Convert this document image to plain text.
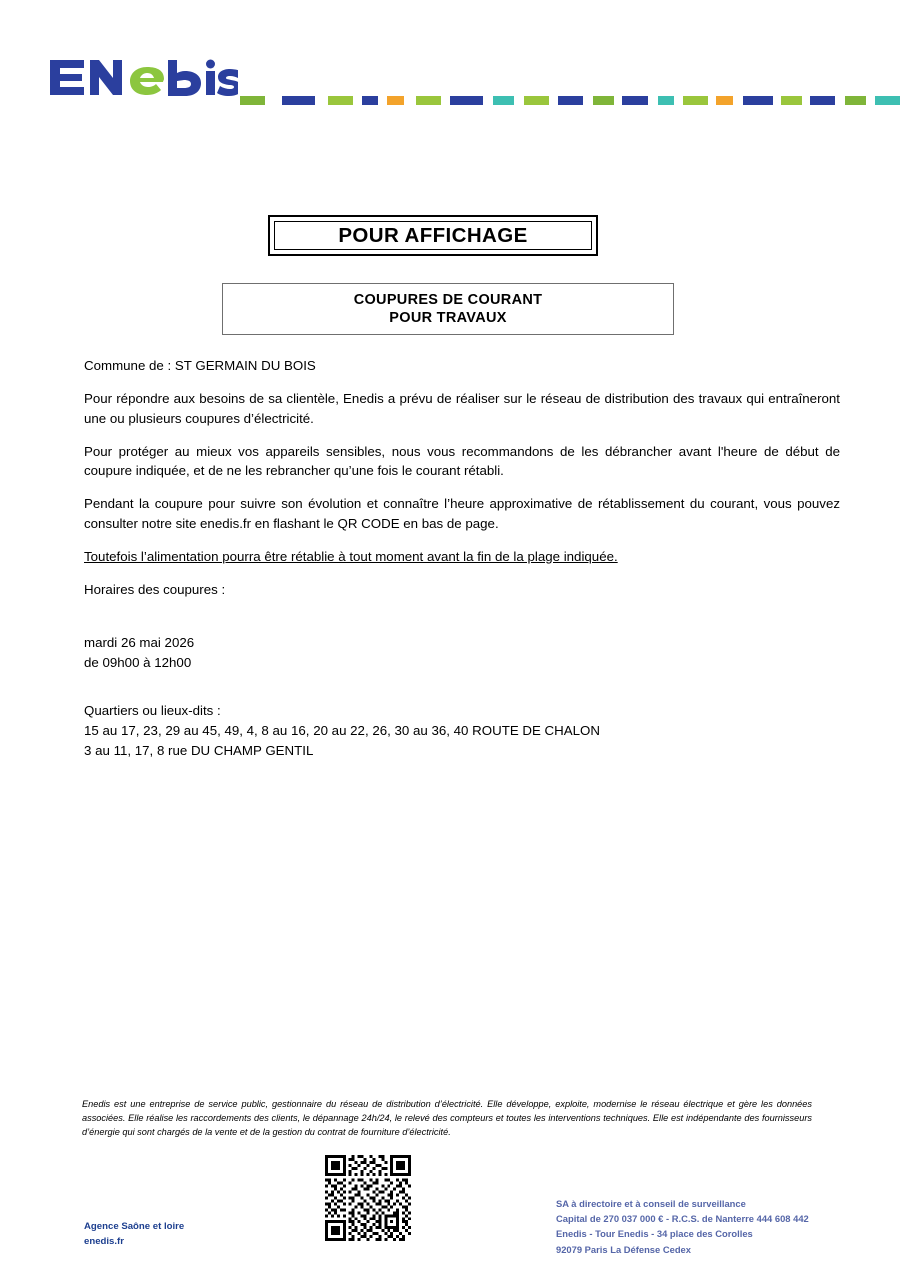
POUR AFFICHAGE
COUPURES DE COURANT
POUR TRAVAUX

Commune de : ST GERMAIN DU BOIS

Pour répondre aux besoins de sa clientèle, Enedis a prévu de réaliser sur le réseau de distribution des travaux qui entraîneront une ou plusieurs coupures d’électricité.

Pour protéger au mieux vos appareils sensibles, nous vous recommandons de les débrancher avant l'heure de début de coupure indiquée, et de ne les rebrancher qu’une fois le courant rétabli.

Pendant la coupure pour suivre son évolution et connaître l’heure approximative de rétablissement du courant, vous pouvez consulter notre site enedis.fr en flashant le QR CODE en bas de page.

Toutefois l’alimentation pourra être rétablie à tout moment avant la fin de la plage indiquée.

Horaires des coupures :

mardi 26 mai 2026
de 09h00 à 12h00
Quartiers ou lieux-dits :
15 au 17, 23, 29 au 45, 49, 4, 8 au 16, 20 au 22, 26, 30 au 36, 40 ROUTE DE CHALON
3 au 11, 17, 8 rue DU CHAMP GENTIL
Enedis est une entreprise de service public, gestionnaire du réseau de distribution d’électricité. Elle développe, exploite, modernise le réseau électrique et gère les données associées. Elle réalise les raccordements des clients, le dépannage 24h/24, le relevé des compteurs et toutes les interventions techniques. Elle est indépendante des fournisseurs d’énergie qui sont chargés de la vente et de la gestion du contrat de fourniture d’électricité.
Agence Saône et loire
enedis.fr
SA à directoire et à conseil de surveillance
Capital de 270 037 000 € - R.C.S. de Nanterre 444 608 442
Enedis - Tour Enedis - 34 place des Corolles
92079 Paris La Défense Cedex
